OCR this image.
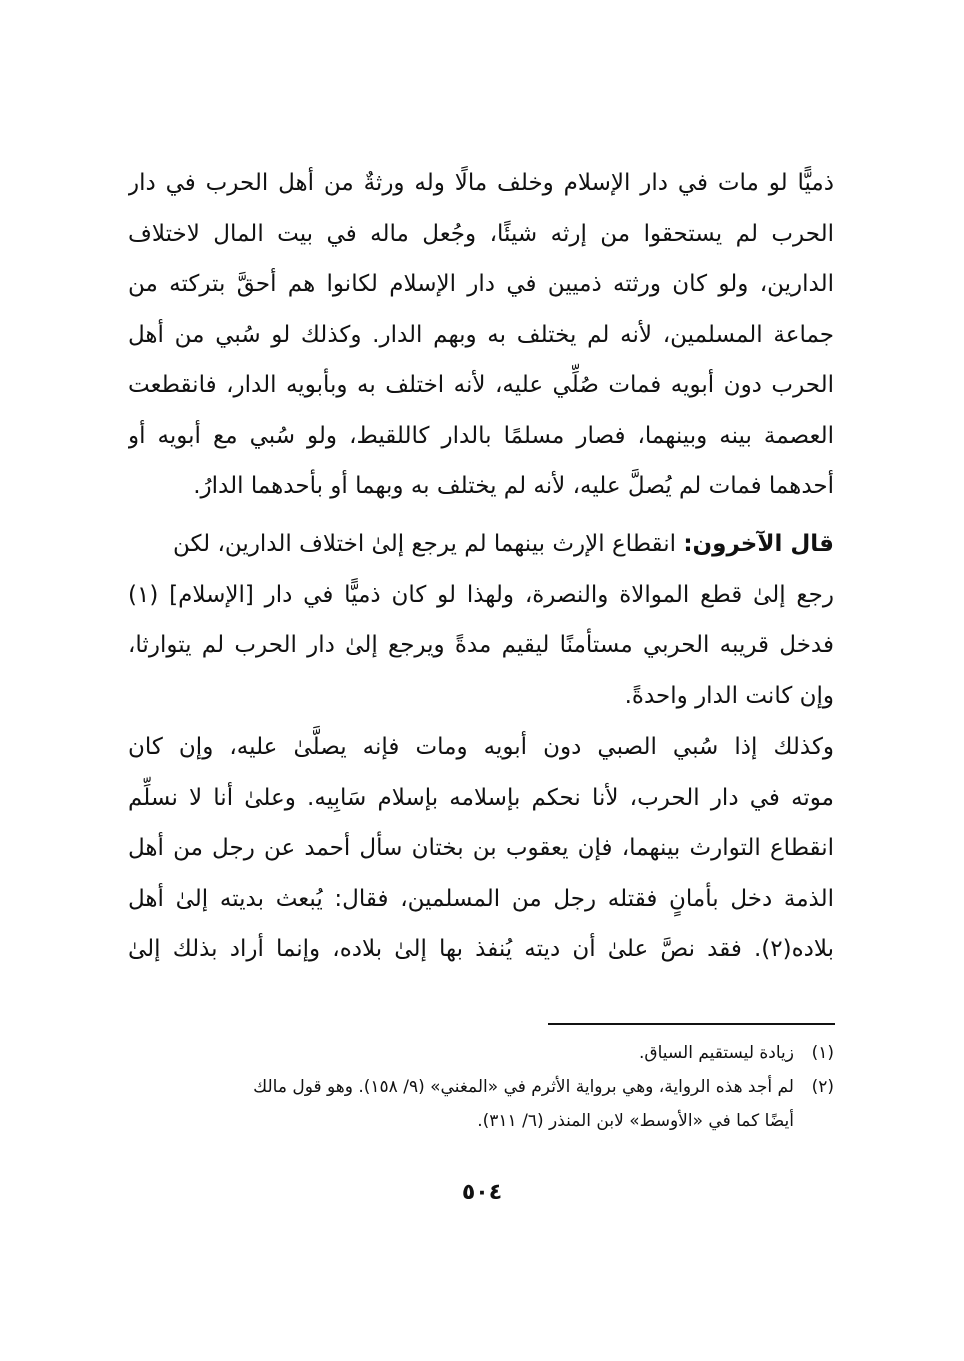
ذميًّا لو مات في دار الإسلام وخلف مالًا وله ورثةٌ من أهل الحرب في دار
الحرب لم يستحقوا من إرثه شيئًا، وجُعل ماله في بيت المال لاختلاف
الدارين، ولو كان ورثته ذميين في دار الإسلام لكانوا هم أحقَّ بتركته من
جماعة المسلمين، لأنه لم يختلف به وبهم الدار. وكذلك لو سُبي من أهل
الحرب دون أبويه فمات صُلِّي عليه، لأنه اختلف به وبأبويه الدار، فانقطعت
العصمة بينه وبينهما، فصار مسلمًا بالدار كاللقيط، ولو سُبي مع أبويه أو
أحدهما فمات لم يُصلَّ عليه، لأنه لم يختلف به وبهما أو بأحدهما الدارُ.
قال الآخرون: انقطاع الإرث بينهما لم يرجع إلىٰ اختلاف الدارين، لكن
رجع إلىٰ قطع الموالاة والنصرة، ولهذا لو كان ذميًّا في دار [الإسلام] (١)
فدخل قريبه الحربي مستأمنًا ليقيم مدةً ويرجع إلىٰ دار الحرب لم يتوارثا،
وإن كانت الدار واحدةً.
وكذلك إذا سُبي الصبي دون أبويه ومات فإنه يصلَّىٰ عليه، وإن كان
موته في دار الحرب، لأنا نحكم بإسلامه بإسلام سَابِيه. وعلىٰ أنا لا نسلِّم
انقطاع التوارث بينهما، فإن يعقوب بن بختان سأل أحمد عن رجل من أهل
الذمة دخل بأمانٍ فقتله رجل من المسلمين، فقال: يُبعث بديته إلىٰ أهل
بلاده(٢). فقد نصَّ علىٰ أن ديته يُنفذ بها إلىٰ بلاده، وإنما أراد بذلك إلىٰ
(١)زيادة ليستقيم السياق.
(٢)لم أجد هذه الرواية، وهي برواية الأثرم في «المغني» (٩/ ١٥٨). وهو قول مالك
أيضًا كما في «الأوسط» لابن المنذر (٦/ ٣١١).
٥٠٤
